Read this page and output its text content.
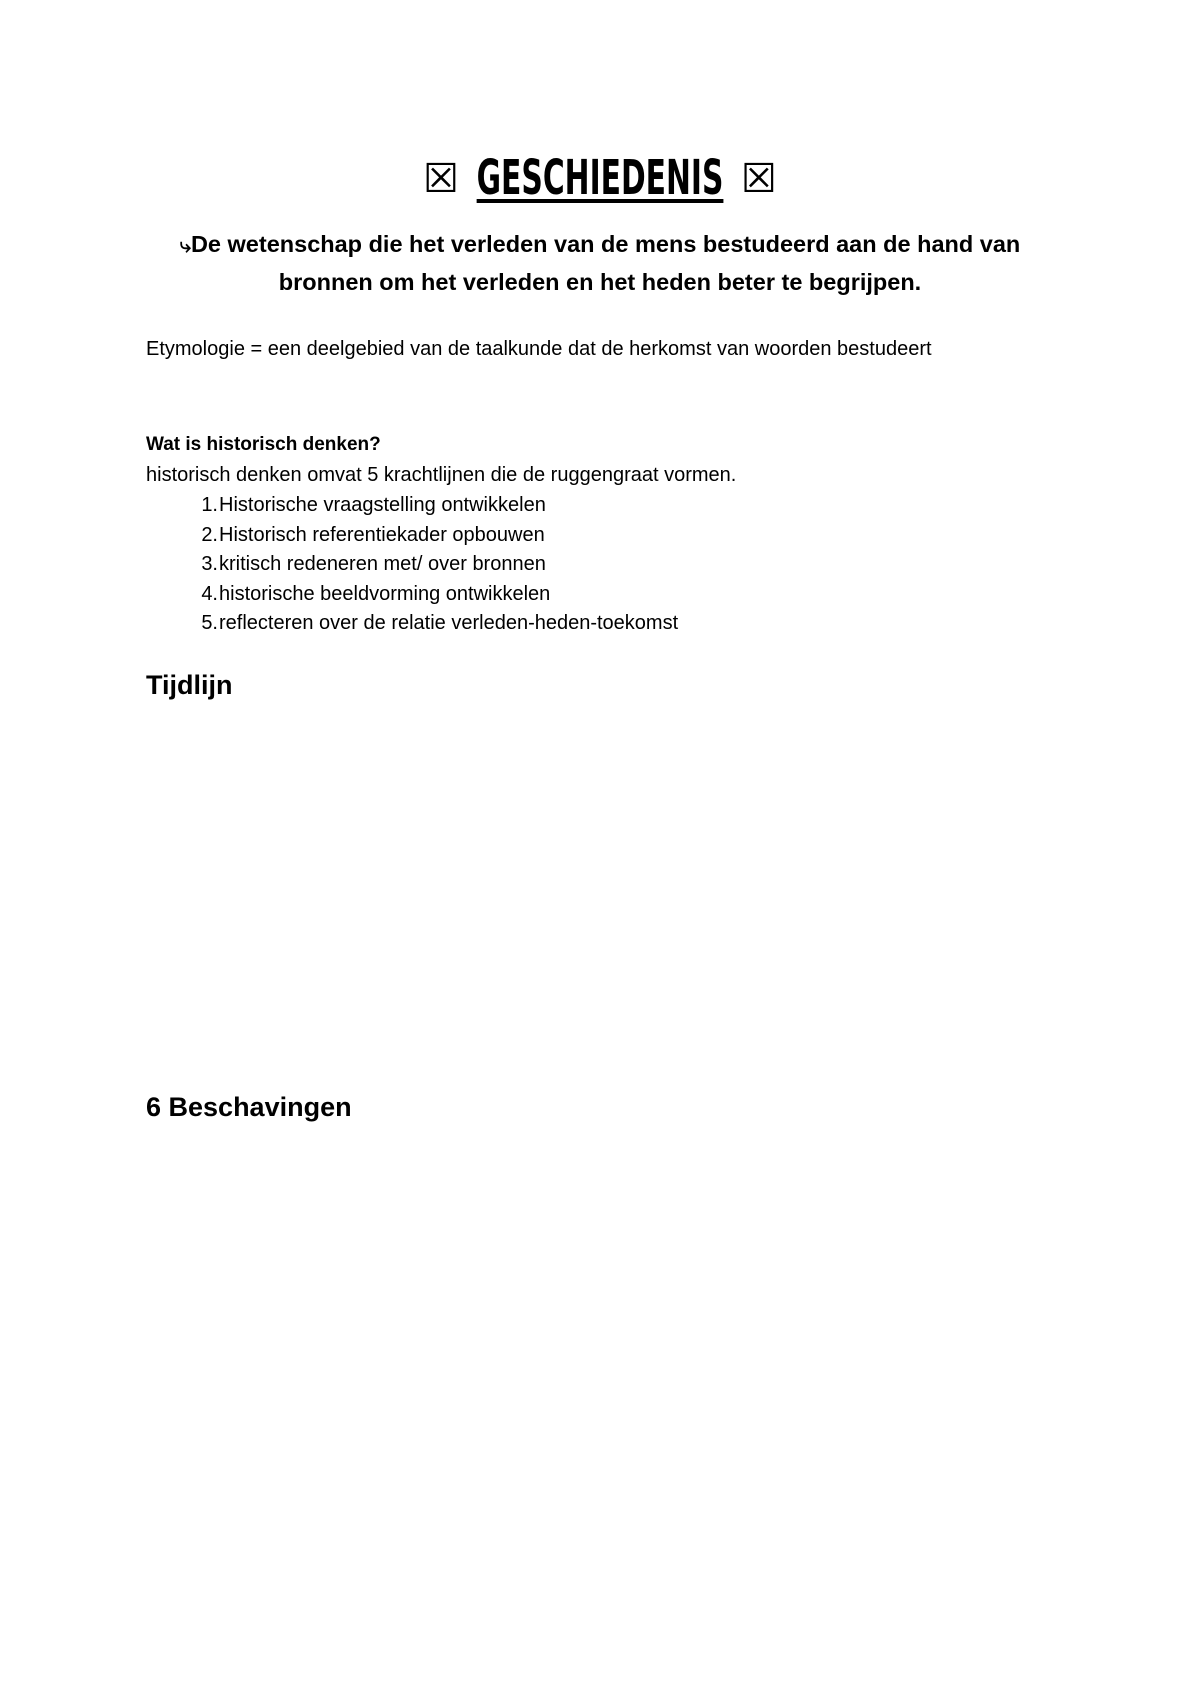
☒ GESCHIEDENIS ☒
⤷De wetenschap die het verleden van de mens bestudeerd aan de hand van
bronnen om het verleden en het heden beter te begrijpen.
Etymologie = een deelgebied van de taalkunde dat de herkomst van woorden bestudeert
Wat is historisch denken?
historisch denken omvat 5 krachtlijnen die de ruggengraat vormen.
1. Historische vraagstelling ontwikkelen
2. Historisch referentiekader opbouwen
3. kritisch redeneren met/ over bronnen
4. historische beeldvorming ontwikkelen
5. reflecteren over de relatie verleden-heden-toekomst
Tijdlijn
6 Beschavingen
